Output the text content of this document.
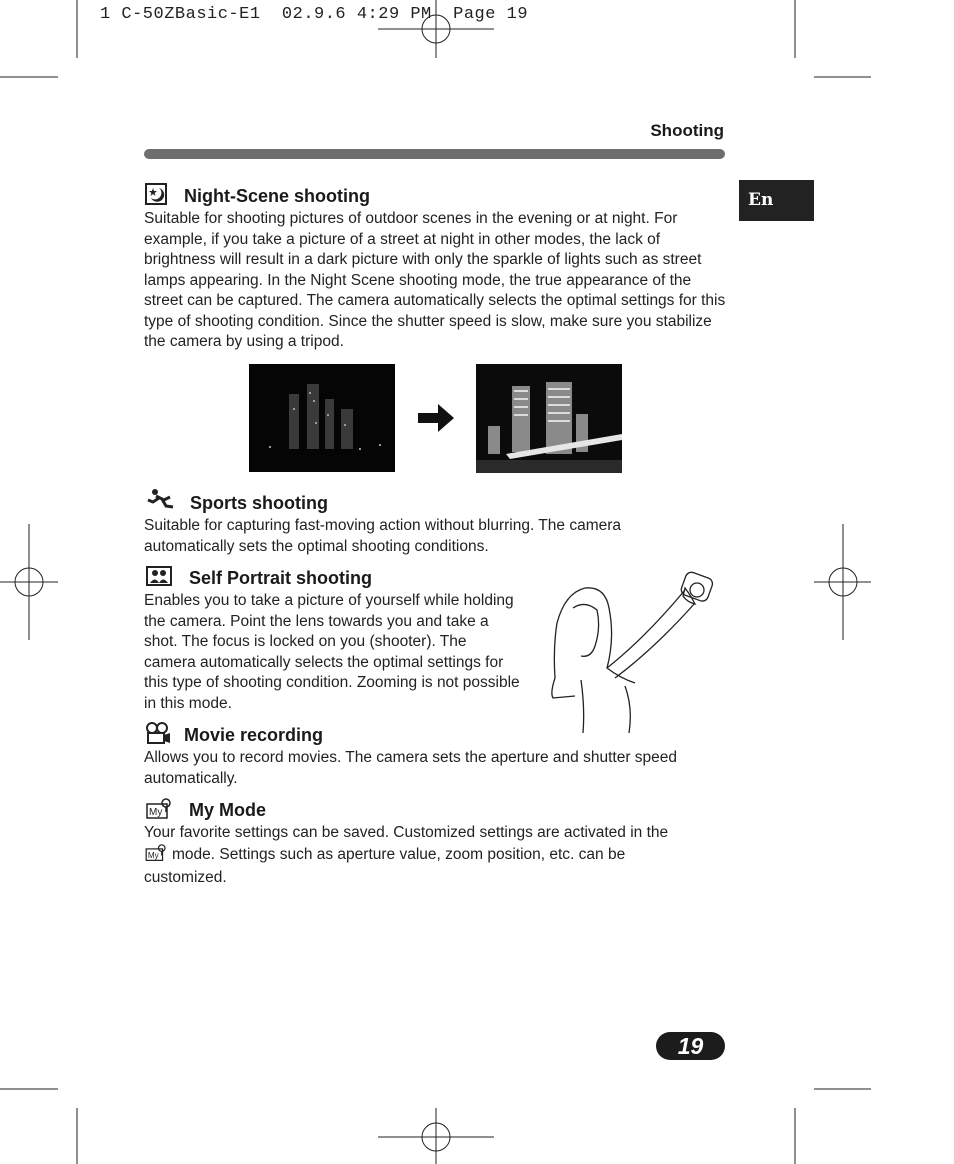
1 C-50ZBasic-E1  02.9.6 4:29 PM  Page 19
Shooting
En
Night-Scene shooting
Suitable for shooting pictures of outdoor scenes in the evening or at night. For example, if you take a picture of a street at night in other modes, the lack of brightness will result in a dark picture with only the sparkle of lights such as street lamps appearing. In the Night Scene shooting mode, the true appearance of the street can be captured. The camera automatically selects the optimal settings for this type of shooting condition. Since the shutter speed is slow, make sure you stabilize the camera by using a tripod.
Sports shooting
Suitable for capturing fast-moving action without blurring. The camera automatically sets the optimal shooting conditions.
Self Portrait shooting
Enables you to take a picture of yourself while holding the camera. Point the lens towards you and take a shot. The focus is locked on you (shooter). The camera automatically selects the optimal settings for this type of shooting condition. Zooming is not possible in this mode.
Movie recording
Allows you to record movies. The camera sets the aperture and shutter speed automatically.
My My Mode
Your favorite settings can be saved. Customized settings are activated in the
My mode. Settings such as aperture value, zoom position, etc. can be
customized.
19
